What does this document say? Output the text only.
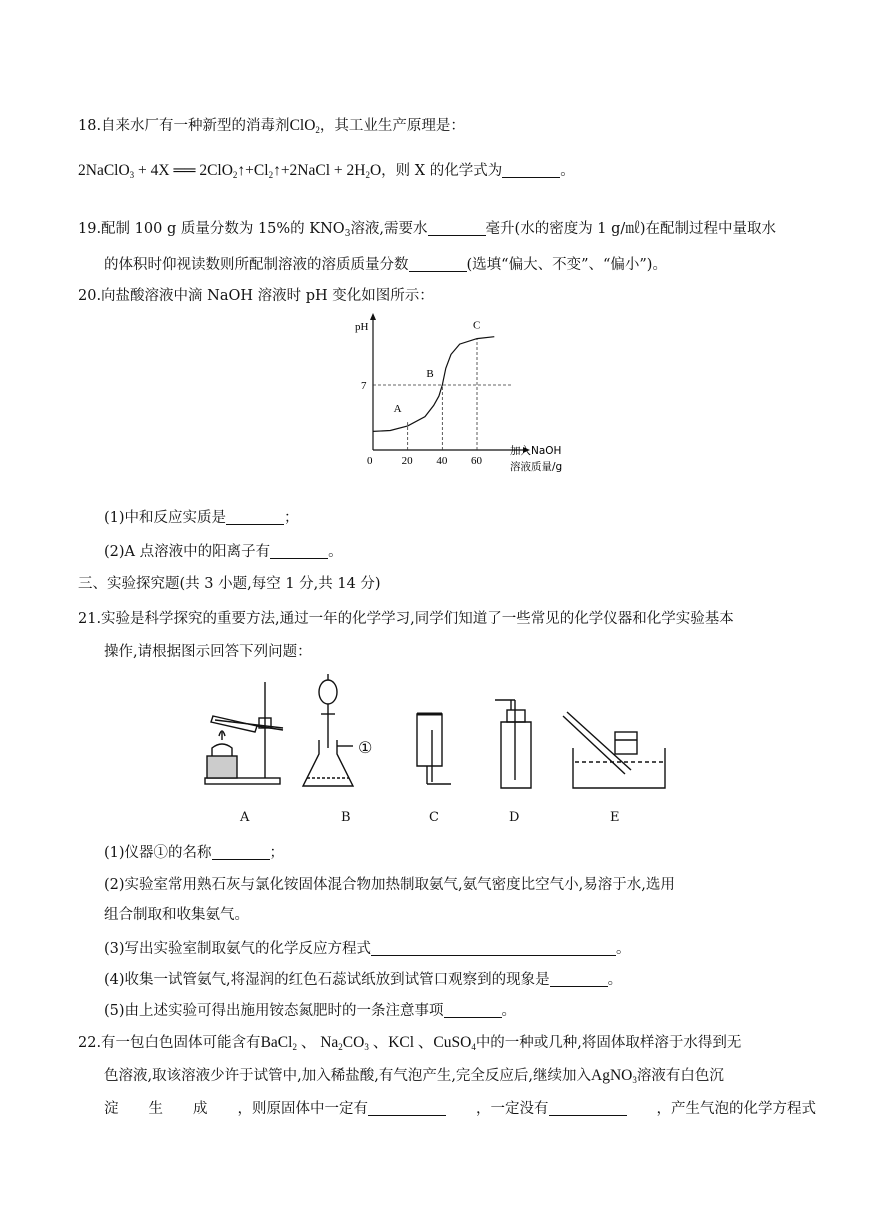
18.自来水厂有一种新型的消毒剂ClO$_2$，其工业生产原理是：
2NaClO$_3$ + 4X ══ $2ClO_2↑+Cl_2↑+2NaCl + 2H_2O$，则 X 的化学式为	。
19.配制 100 g 质量分数为 15%的 $KNO_3$溶液,需要水	毫升(水的密度为 1 g/㎖)在配制过程中量取水
的体积时仰视读数则所配制溶液的溶质质量分数	(选填“偏大、不变”、“偏小”)。
20.向盐酸溶液中滴 NaOH 溶液时 pH 变化如图所示：
pH
0
7
20
A
40
B
60
C
加入NaOH
溶液质量/g
(1)中和反应实质是	；
(2)A 点溶液中的阳离子有	。
三、实验探究题(共 3 小题,每空 1 分,共 14 分)
21.实验是科学探究的重要方法,通过一年的化学学习,同学们知道了一些常见的化学仪器和化学实验基本
操作,请根据图示回答下列问题：
①
A	B	C	D	E
(1)仪器①的名称	；
(2)实验室常用熟石灰与氯化铵固体混合物加热制取氨气,氨气密度比空气小,易溶于水,选用
组合制取和收集氨气。
(3)写出实验室制取氨气的化学反应方程式	。
(4)收集一试管氨气,将湿润的红色石蕊试纸放到试管口观察到的现象是	。
(5)由上述实验可得出施用铵态氮肥时的一条注意事项	。
22.有一包白色固体可能含有BaCl$_2$ 、 $Na_2CO_3$ 、KCl 、CuSO$_4$中的一种或几种,将固体取样溶于水得到无
色溶液,取该溶液少许于试管中,加入稀盐酸,有气泡产生,完全反应后,继续加入AgNO$_3$溶液有白色沉
淀 生 成 ，则原固体中一定有	，一定没有	，产生气泡的化学方程式
